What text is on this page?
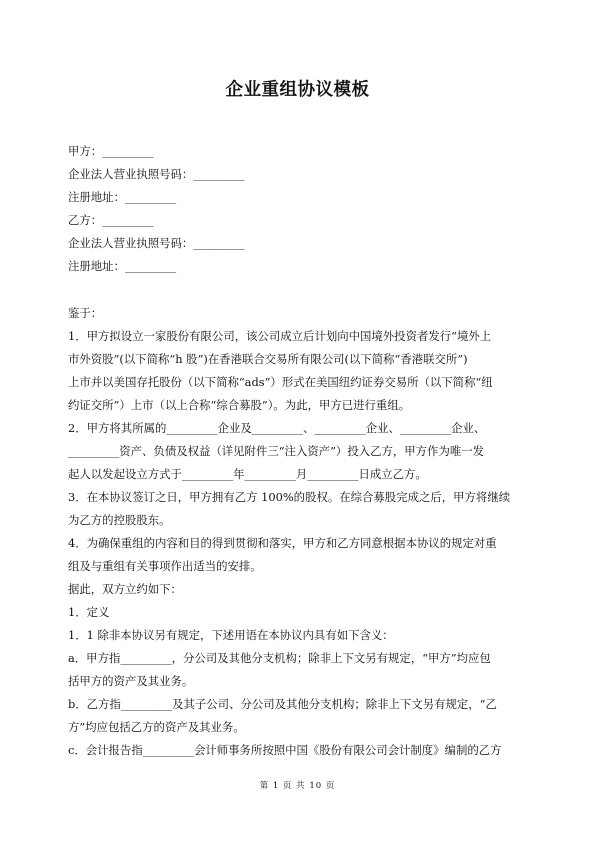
企业重组协议模板
甲方：_________
企业法人营业执照号码：_________
注册地址：_________
乙方：_________
企业法人营业执照号码：_________
注册地址：_________
鉴于：
1．甲方拟设立一家股份有限公司，该公司成立后计划向中国境外投资者发行“境外上
市外资股”(以下简称“h 股”)在香港联合交易所有限公司(以下简称“香港联交所”)
上市并以美国存托股份（以下简称“ads”）形式在美国纽约证券交易所（以下简称“纽
约证交所”）上市（以上合称“综合募股”）。为此，甲方已进行重组。
2．甲方将其所属的_________企业及_________、_________企业、_________企业、
_________资产、负债及权益（详见附件三“注入资产”）投入乙方，甲方作为唯一发
起人以发起设立方式于_________年_________月_________日成立乙方。
3．在本协议签订之日，甲方拥有乙方 100%的股权。在综合募股完成之后，甲方将继续
为乙方的控股股东。
4．为确保重组的内容和目的得到贯彻和落实，甲方和乙方同意根据本协议的规定对重
组及与重组有关事项作出适当的安排。
据此，双方立约如下：
1．定义
1．1 除非本协议另有规定，下述用语在本协议内具有如下含义：
a．甲方指_________，分公司及其他分支机构；除非上下文另有规定，“甲方”均应包
括甲方的资产及其业务。
b．乙方指_________及其子公司、分公司及其他分支机构；除非上下文另有规定，“乙
方”均应包括乙方的资产及其业务。
c．会计报告指_________会计师事务所按照中国《股份有限公司会计制度》编制的乙方
第 1 页 共 10 页
